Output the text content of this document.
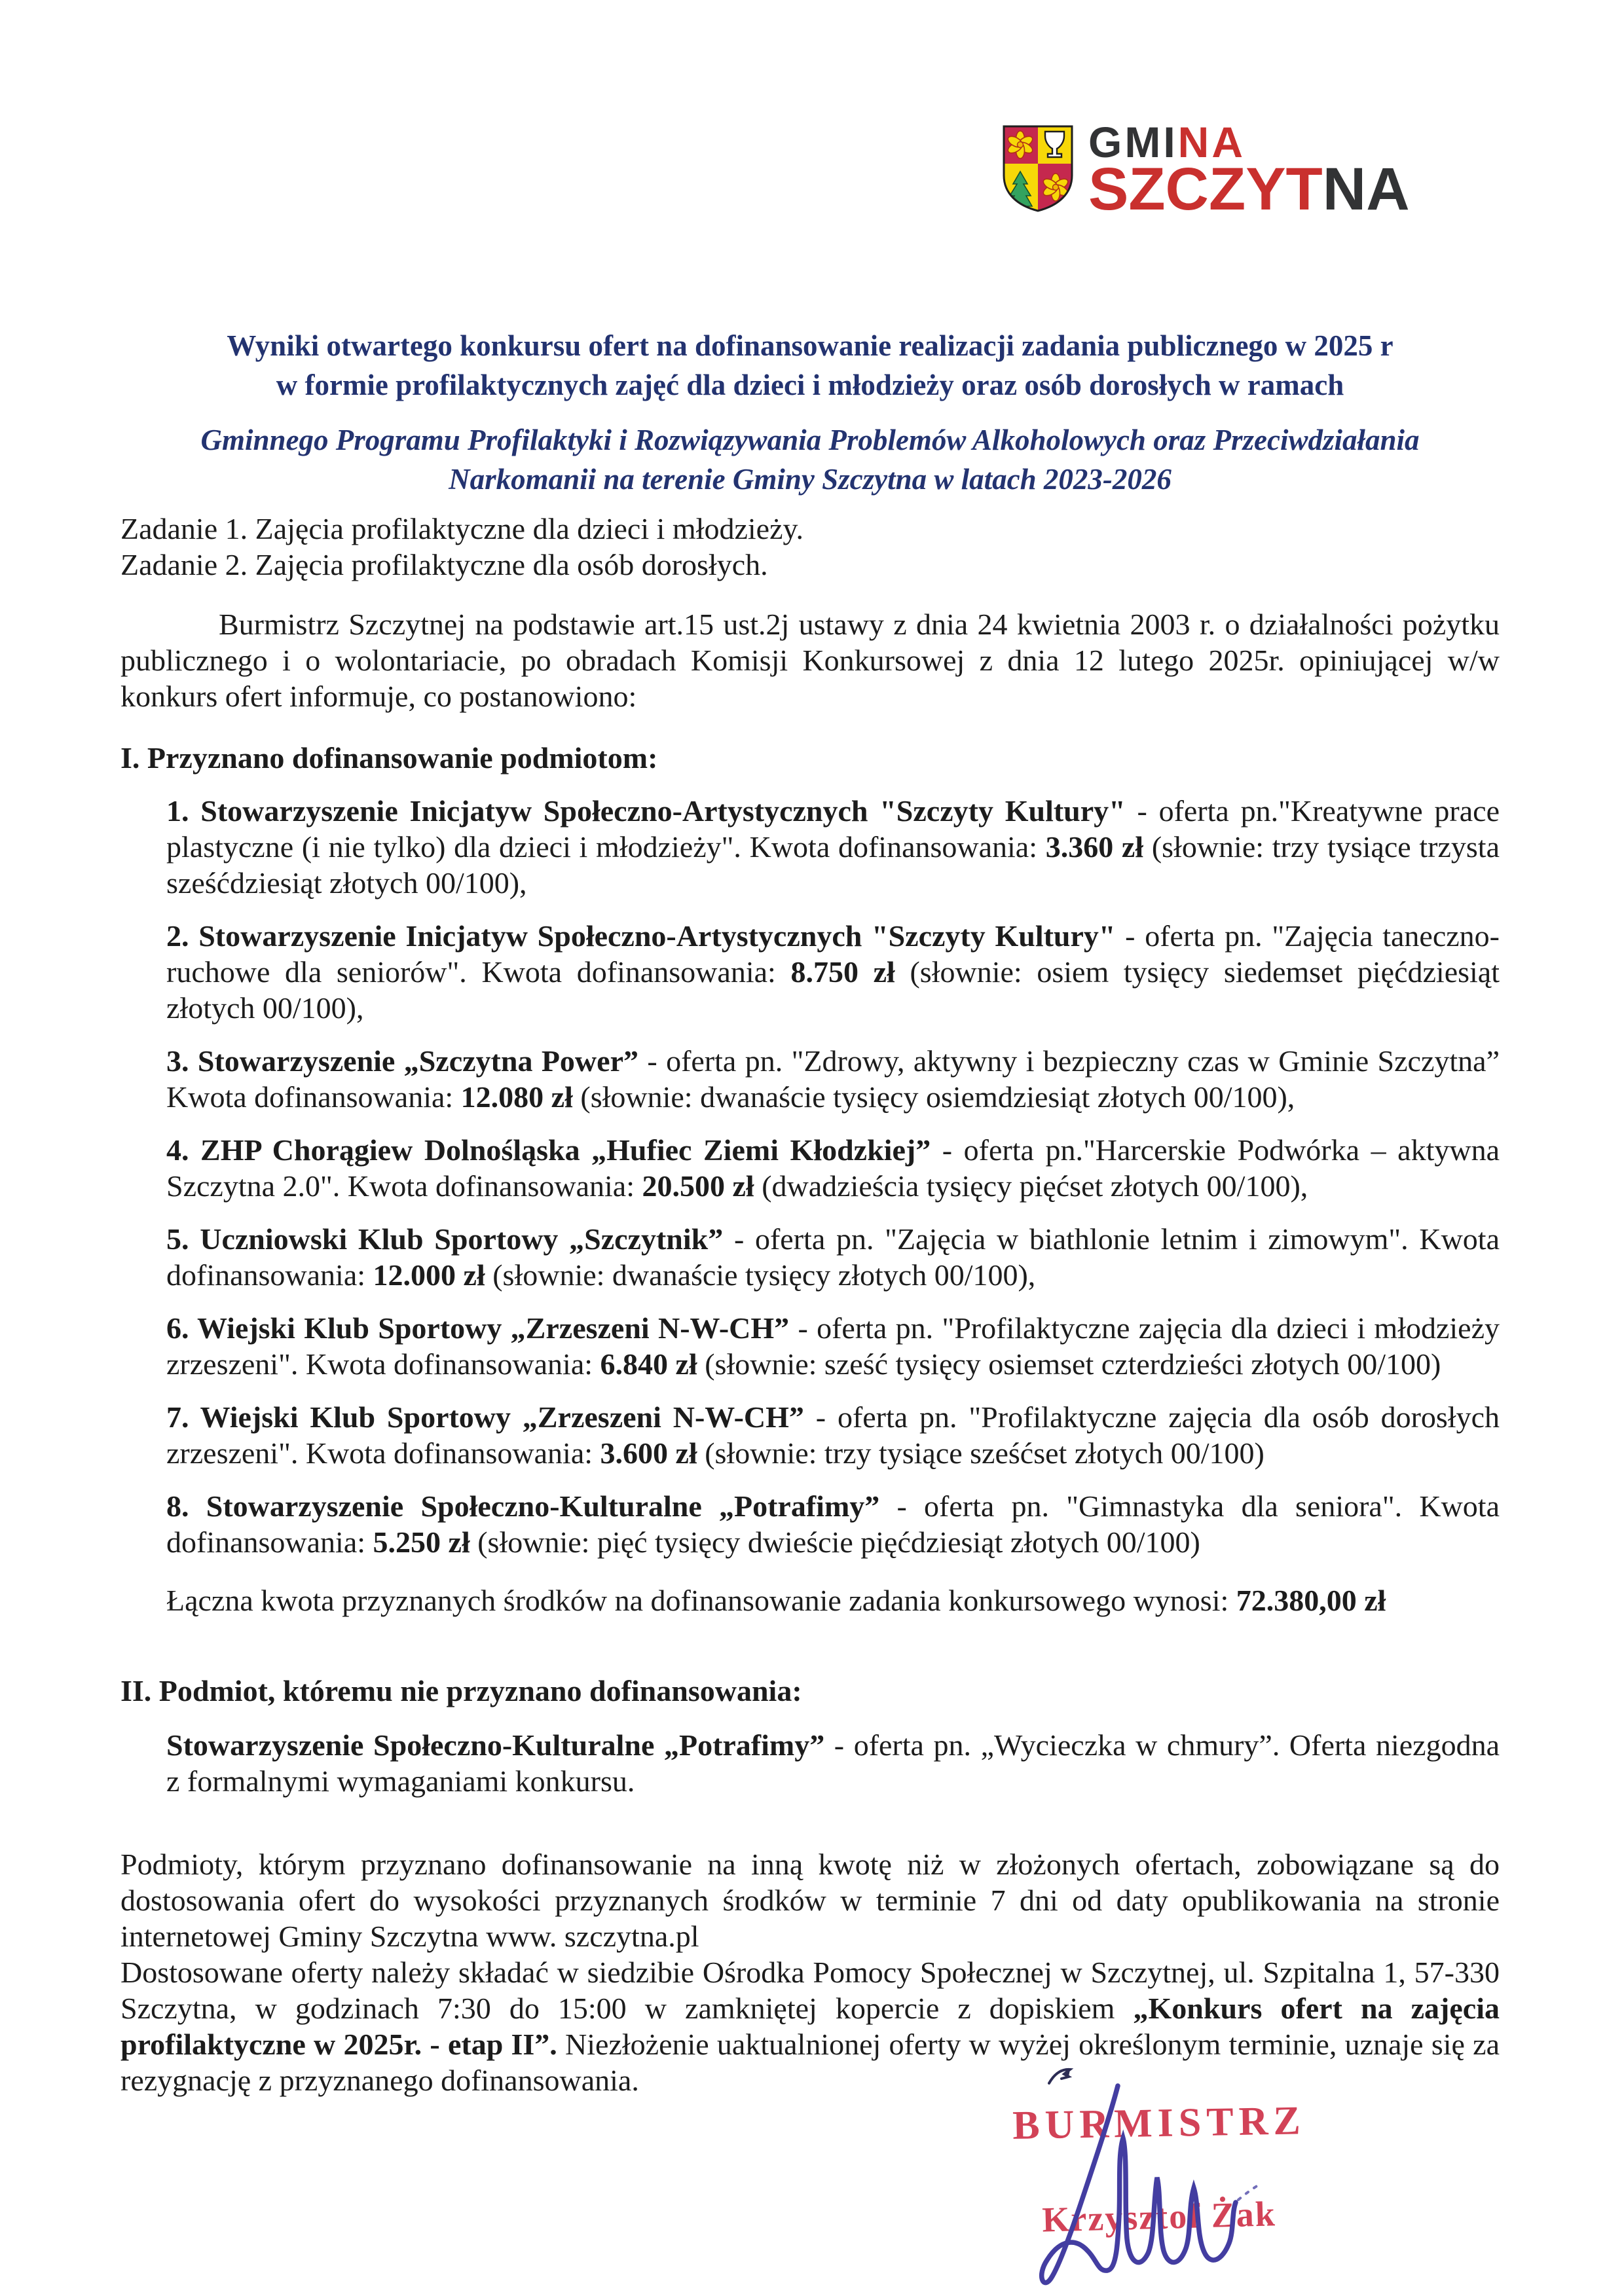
GMINA
SZCZYTNA
Wyniki otwartego konkursu ofert na dofinansowanie realizacji zadania publicznego w 2025 r
w formie profilaktycznych zajęć dla dzieci i młodzieży oraz osób dorosłych w ramach
Gminnego Programu Profilaktyki i Rozwiązywania Problemów Alkoholowych oraz Przeciwdziałania
Narkomanii na terenie Gminy Szczytna w latach 2023-2026
Zadanie 1. Zajęcia profilaktyczne dla dzieci i młodzieży.
Zadanie 2. Zajęcia profilaktyczne dla osób dorosłych.

Burmistrz Szczytnej na podstawie art.15 ust.2j ustawy z dnia 24 kwietnia 2003 r. o działalności pożytku publicznego i o wolontariacie, po obradach Komisji Konkursowej z dnia 12 lutego 2025r. opiniującej w/w konkurs ofert informuje, co postanowiono:

I. Przyznano dofinansowanie podmiotom:

1. Stowarzyszenie Inicjatyw Społeczno-Artystycznych "Szczyty Kultury" - oferta pn."Kreatywne prace plastyczne (i nie tylko) dla dzieci i młodzieży". Kwota dofinansowania: 3.360 zł (słownie: trzy tysiące trzysta sześćdziesiąt złotych 00/100),

2. Stowarzyszenie Inicjatyw Społeczno-Artystycznych "Szczyty Kultury" - oferta pn. "Zajęcia taneczno-ruchowe dla seniorów". Kwota dofinansowania: 8.750 zł (słownie: osiem tysięcy siedemset pięćdziesiąt złotych 00/100),

3. Stowarzyszenie „Szczytna Power” - oferta pn. "Zdrowy, aktywny i bezpieczny czas w Gminie Szczytna” Kwota dofinansowania: 12.080 zł (słownie: dwanaście tysięcy osiemdziesiąt złotych 00/100),

4. ZHP Chorągiew Dolnośląska „Hufiec Ziemi Kłodzkiej” - oferta pn."Harcerskie Podwórka – aktywna Szczytna 2.0". Kwota dofinansowania: 20.500 zł (dwadzieścia tysięcy pięćset złotych 00/100),

5. Uczniowski Klub Sportowy „Szczytnik” - oferta pn. "Zajęcia w biathlonie letnim i zimowym". Kwota dofinansowania: 12.000 zł (słownie: dwanaście tysięcy złotych 00/100),

6. Wiejski Klub Sportowy „Zrzeszeni N-W-CH” - oferta pn. "Profilaktyczne zajęcia dla dzieci i młodzieży zrzeszeni". Kwota dofinansowania: 6.840 zł (słownie: sześć tysięcy osiemset czterdzieści złotych 00/100)

7. Wiejski Klub Sportowy „Zrzeszeni N-W-CH” - oferta pn. "Profilaktyczne zajęcia dla osób dorosłych zrzeszeni". Kwota dofinansowania: 3.600 zł (słownie: trzy tysiące sześćset złotych 00/100)

8. Stowarzyszenie Społeczno-Kulturalne „Potrafimy” - oferta pn. "Gimnastyka dla seniora". Kwota dofinansowania: 5.250 zł (słownie: pięć tysięcy dwieście pięćdziesiąt złotych 00/100)

Łączna kwota przyznanych środków na dofinansowanie zadania konkursowego wynosi: 72.380,00 zł

II. Podmiot, któremu nie przyznano dofinansowania:

Stowarzyszenie Społeczno-Kulturalne „Potrafimy” - oferta pn. „Wycieczka w chmury”. Oferta niezgodna z formalnymi wymaganiami konkursu.

Podmioty, którym przyznano dofinansowanie na inną kwotę niż w złożonych ofertach, zobowiązane są do dostosowania ofert do wysokości przyznanych środków w terminie 7 dni od daty opublikowania na stronie internetowej Gminy Szczytna www. szczytna.pl

Dostosowane oferty należy składać w siedzibie Ośrodka Pomocy Społecznej w Szczytnej, ul. Szpitalna 1, 57-330 Szczytna, w godzinach 7:30 do 15:00 w zamkniętej kopercie z dopiskiem „Konkurs ofert na zajęcia profilaktyczne w 2025r. - etap II”. Niezłożenie uaktualnionej oferty w wyżej określonym terminie, uznaje się za rezygnację z przyznanego dofinansowania.

BURMISTRZ
Krzysztof Żak
